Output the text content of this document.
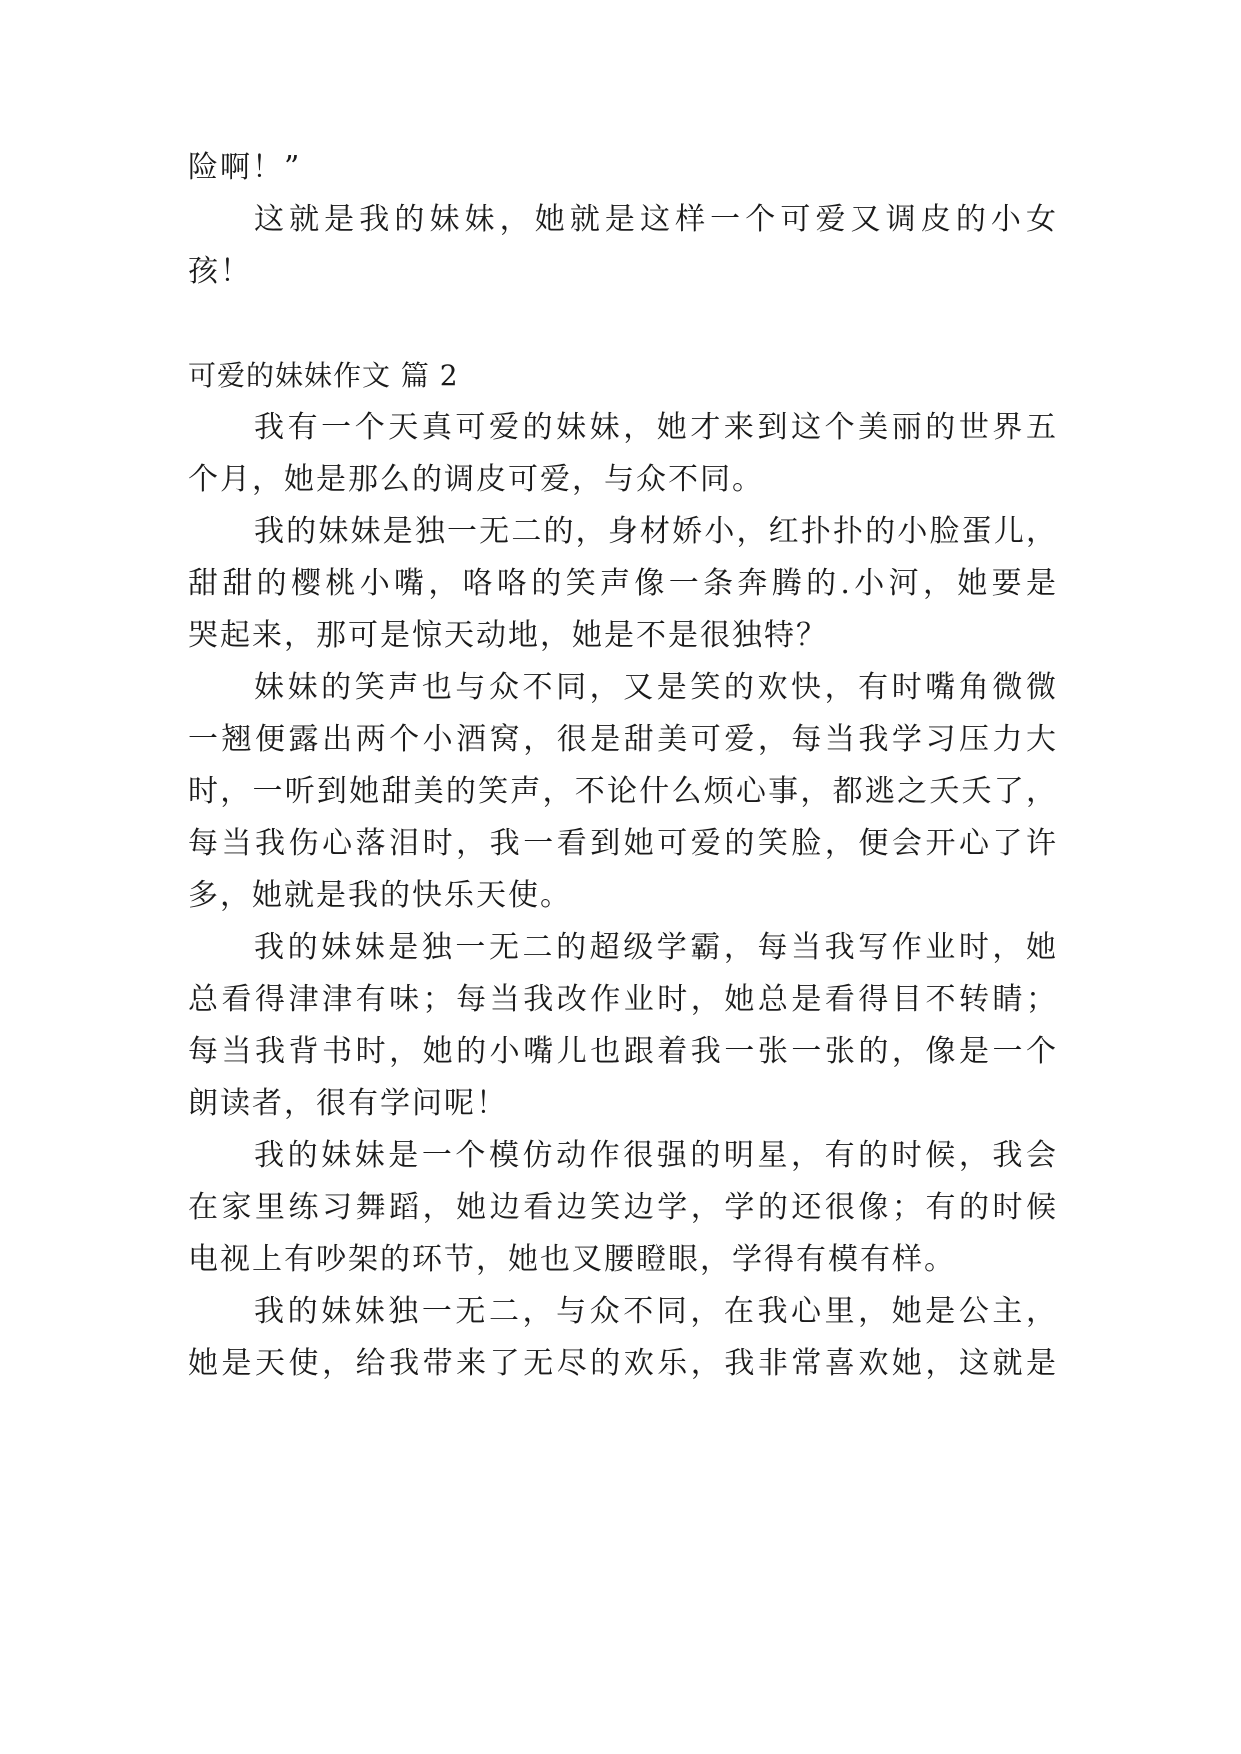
险啊！”
这就是我的妹妹，她就是这样一个可爱又调皮的小女
孩！
可爱的妹妹作文 篇 2
我有一个天真可爱的妹妹，她才来到这个美丽的世界五
个月，她是那么的调皮可爱，与众不同。
我的妹妹是独一无二的，身材娇小，红扑扑的小脸蛋儿，
甜甜的樱桃小嘴，咯咯的笑声像一条奔腾的.小河，她要是
哭起来，那可是惊天动地，她是不是很独特？
妹妹的笑声也与众不同，又是笑的欢快，有时嘴角微微
一翘便露出两个小酒窝，很是甜美可爱，每当我学习压力大
时，一听到她甜美的笑声，不论什么烦心事，都逃之夭夭了，
每当我伤心落泪时，我一看到她可爱的笑脸，便会开心了许
多，她就是我的快乐天使。
我的妹妹是独一无二的超级学霸，每当我写作业时，她
总看得津津有味；每当我改作业时，她总是看得目不转睛；
每当我背书时，她的小嘴儿也跟着我一张一张的，像是一个
朗读者，很有学问呢！
我的妹妹是一个模仿动作很强的明星，有的时候，我会
在家里练习舞蹈，她边看边笑边学，学的还很像；有的时候
电视上有吵架的环节，她也叉腰瞪眼，学得有模有样。
我的妹妹独一无二，与众不同，在我心里，她是公主，
她是天使，给我带来了无尽的欢乐，我非常喜欢她，这就是
